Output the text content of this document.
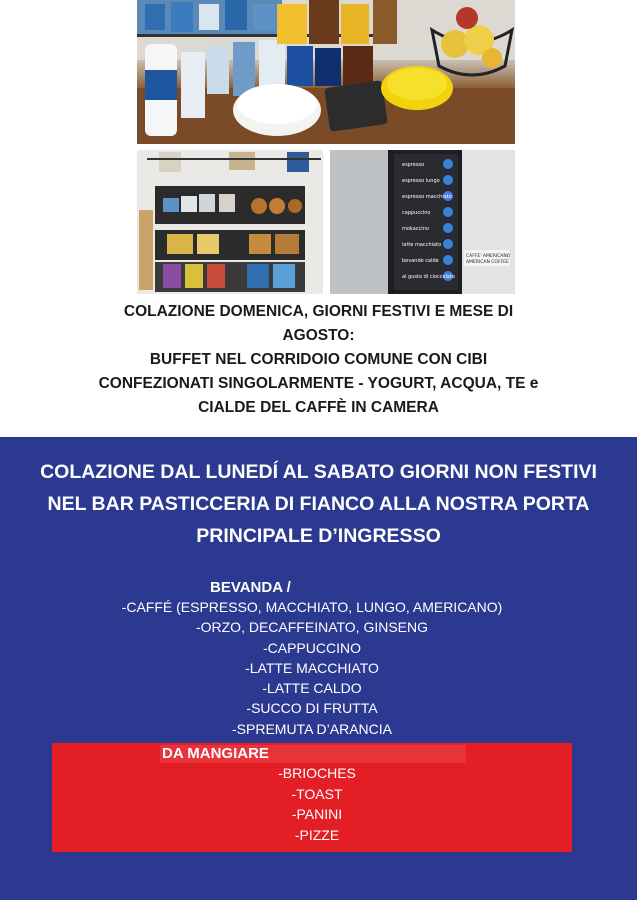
espresso
espresso lungo
espresso macchiato
cappuccino
mokaccino
latte macchiato
bevande calde
al gusto di cioccolato
CAFFE' AMERICANO
AMERICAN COFFEE
COLAZIONE DOMENICA, GIORNI FESTIVI E MESE DI
AGOSTO:
BUFFET NEL CORRIDOIO COMUNE CON CIBI
CONFEZIONATI SINGOLARMENTE - YOGURT, ACQUA, TE e
CIALDE DEL CAFFÈ IN CAMERA
COLAZIONE DAL LUNEDÍ AL SABATO GIORNI NON FESTIVI
NEL BAR PASTICCERIA DI FIANCO ALLA NOSTRA PORTA
PRINCIPALE D’INGRESSO
BEVANDA /
-CAFFÉ (ESPRESSO, MACCHIATO, LUNGO, AMERICANO)
-ORZO, DECAFFEINATO, GINSENG
-CAPPUCCINO
-LATTE MACCHIATO
-LATTE CALDO
-SUCCO DI FRUTTA
-SPREMUTA D’ARANCIA
DA MANGIARE
-BRIOCHES
-TOAST
-PANINI
-PIZZE
